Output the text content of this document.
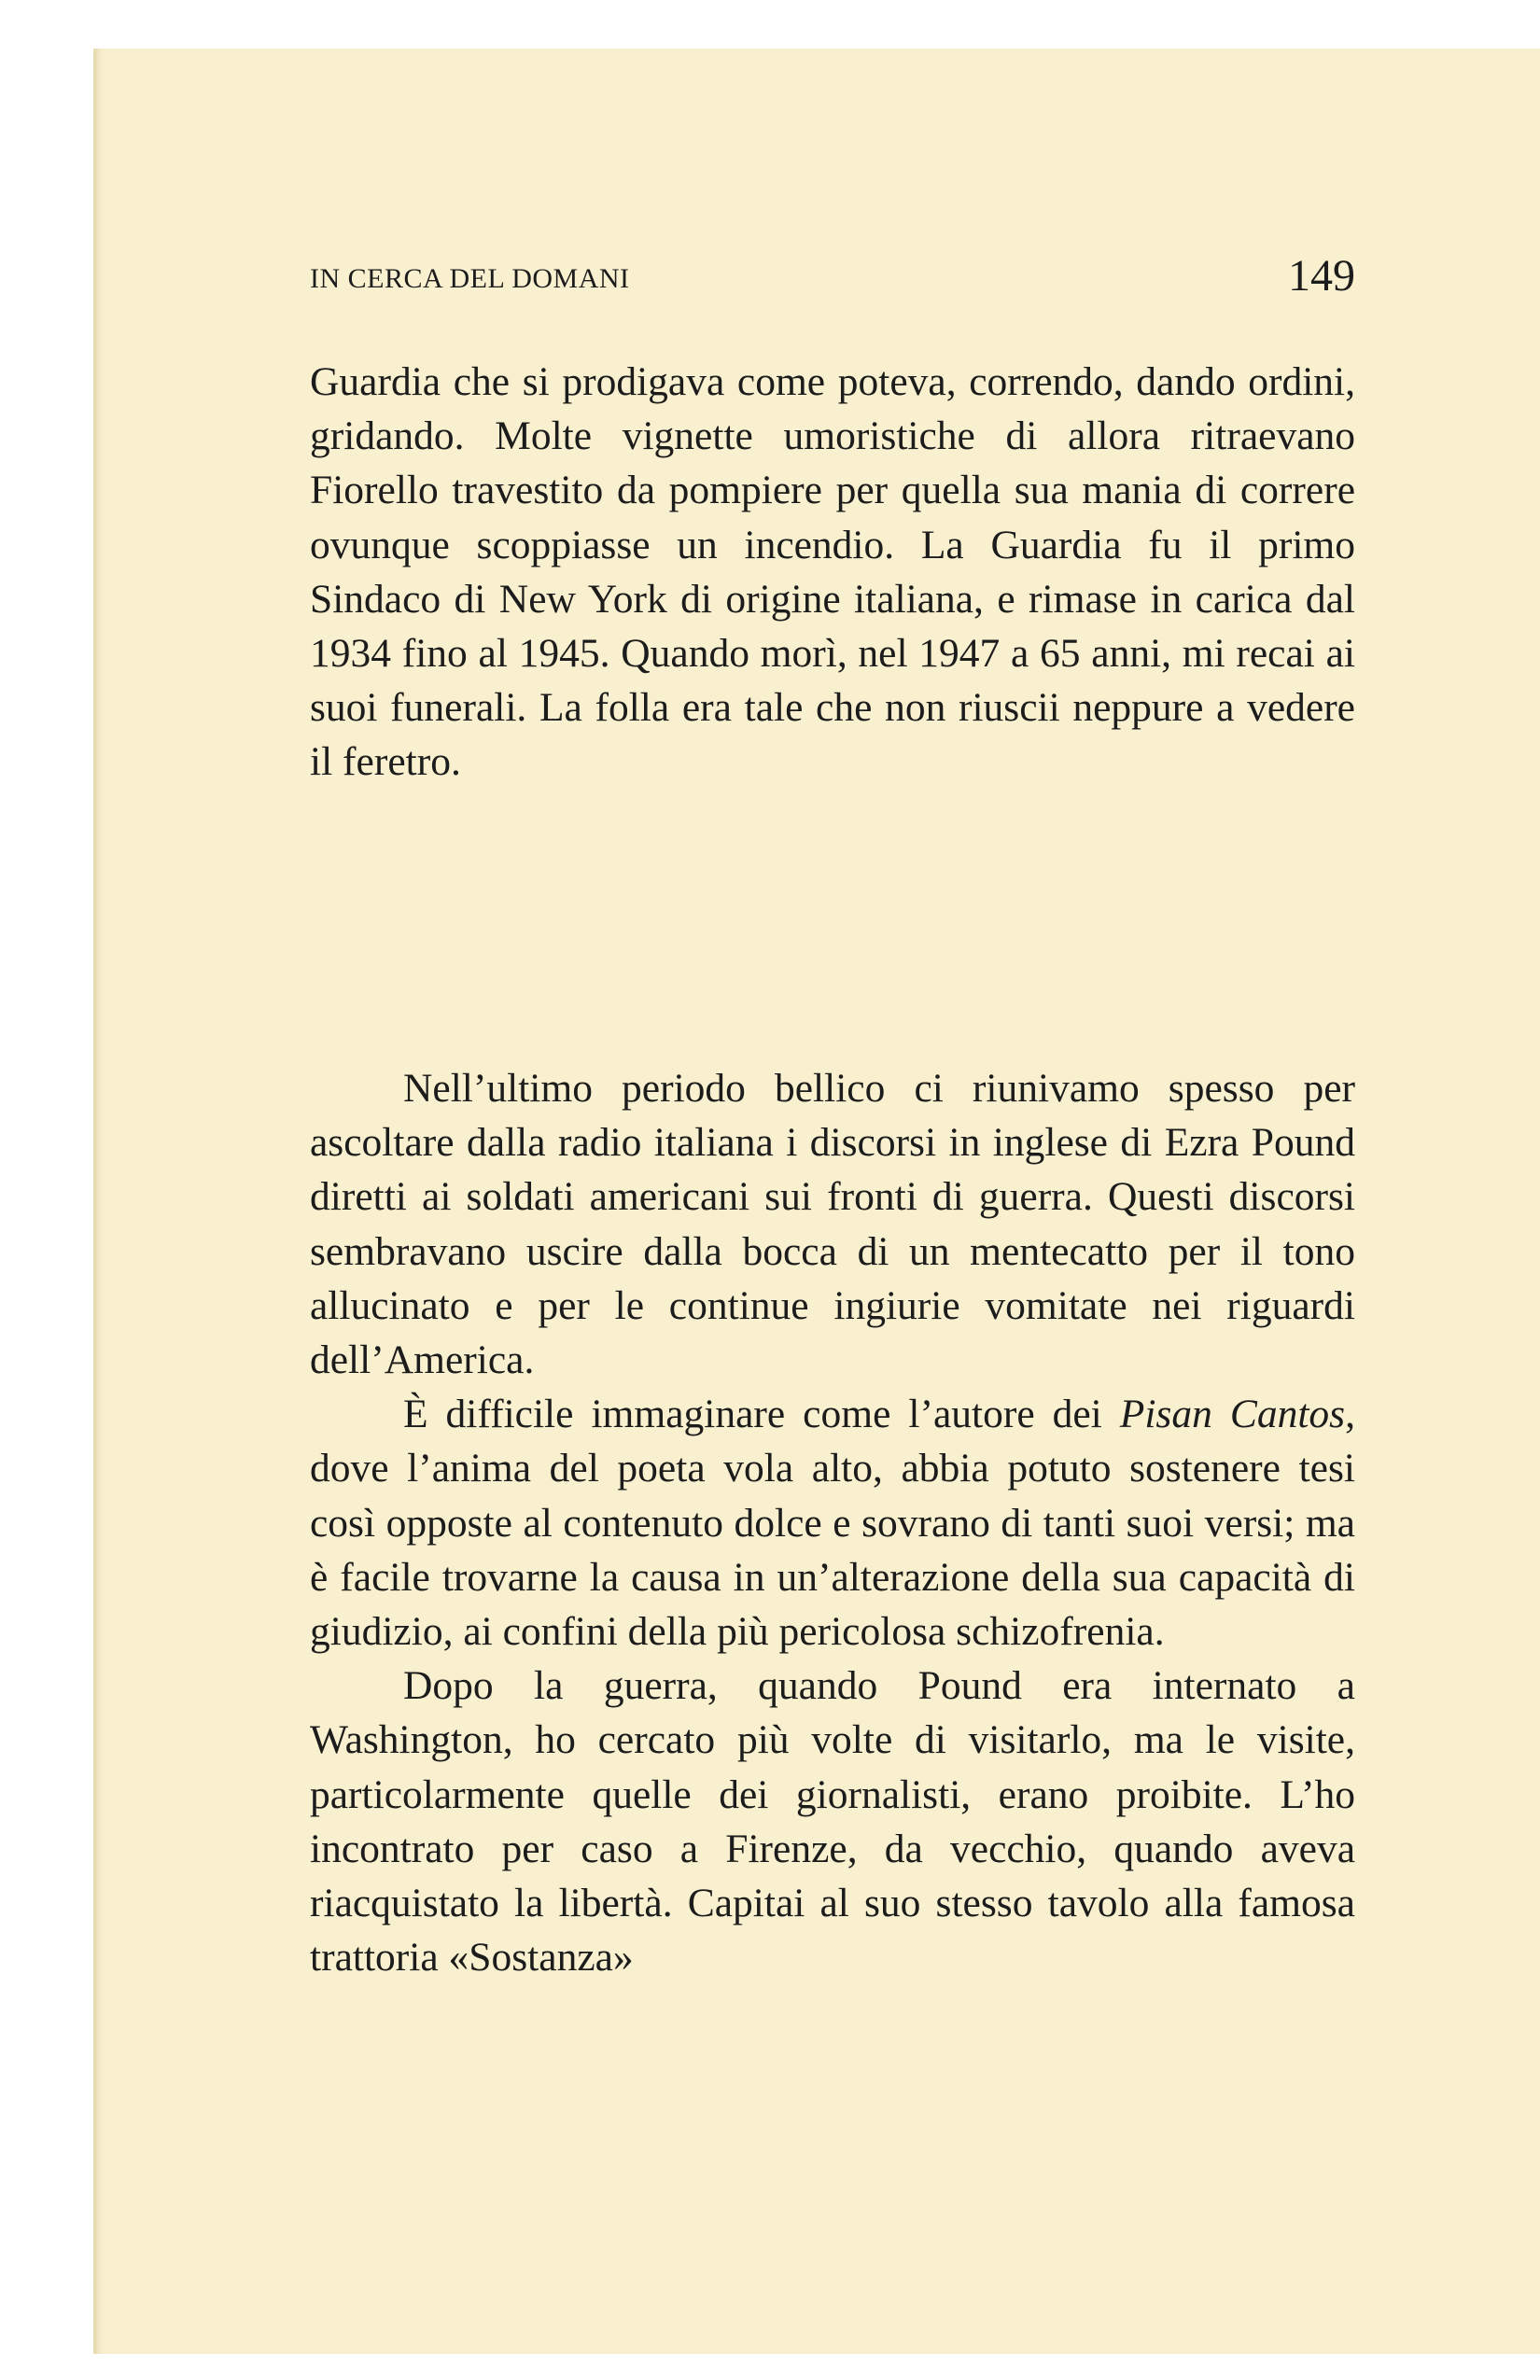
IN CERCA DEL DOMANI	149

Guardia che si prodigava come poteva, correndo, dando ordini, gridando. Molte vignette umoristiche di allora ritraevano Fiorello travestito da pompiere per quella sua mania di correre ovunque scoppiasse un incendio. La Guardia fu il primo Sindaco di New York di origine italiana, e rimase in carica dal 1934 fino al 1945. Quando morì, nel 1947 a 65 anni, mi recai ai suoi funerali. La folla era tale che non riuscii neppure a vedere il feretro.

Nell’ultimo periodo bellico ci riunivamo spesso per ascoltare dalla radio italiana i discorsi in inglese di Ezra Pound diretti ai soldati americani sui fronti di guerra. Questi discorsi sembravano uscire dalla bocca di un mentecatto per il tono allucinato e per le continue ingiurie vomitate nei riguardi dell’America.

È difficile immaginare come l’autore dei Pisan Cantos, dove l’anima del poeta vola alto, abbia potuto sostenere tesi così opposte al contenuto dolce e sovrano di tanti suoi versi; ma è facile trovarne la causa in un’alterazione della sua capacità di giudizio, ai confini della più pericolosa schizofrenia.

Dopo la guerra, quando Pound era internato a Washington, ho cercato più volte di visitarlo, ma le visite, particolarmente quelle dei giornalisti, erano proibite. L’ho incontrato per caso a Firenze, da vecchio, quando aveva riacquistato la libertà. Capitai al suo stesso tavolo alla famosa trattoria «Sostanza»
